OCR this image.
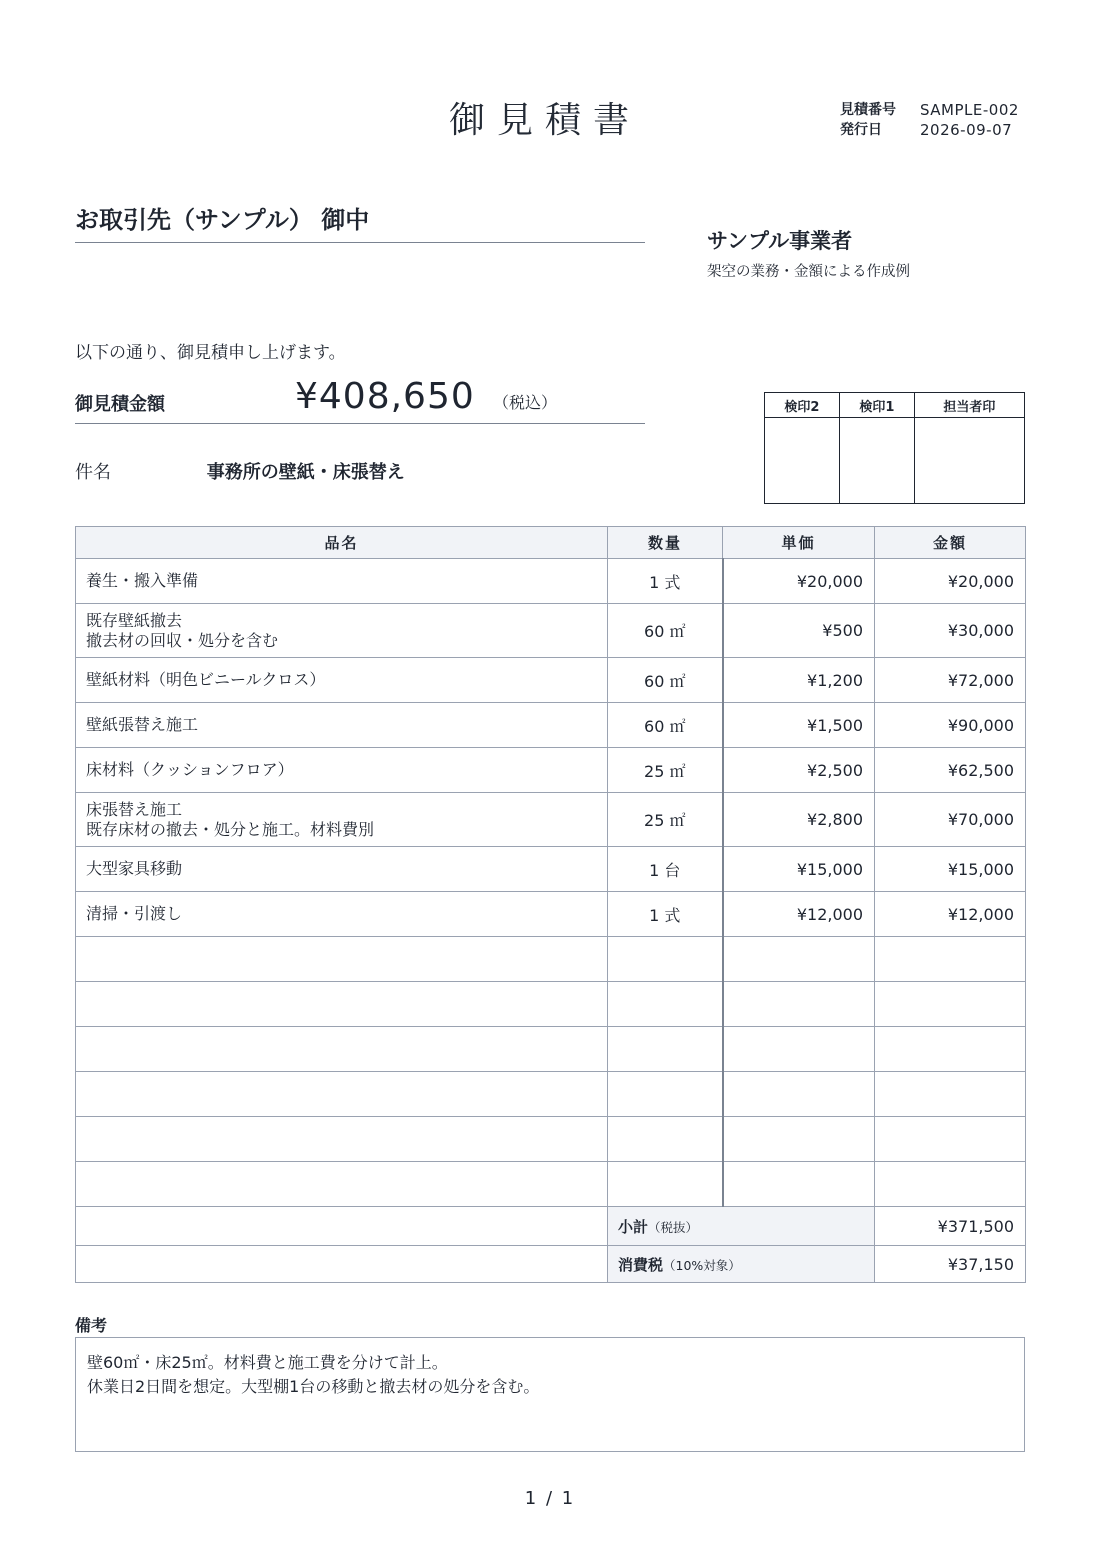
御見積書	見積番号	SAMPLE-002
発行日	2026-09-07
お取引先（サンプル） 御中
サンプル事業者
架空の業務・金額による作成例
以下の通り、御見積申し上げます。
御見積金額	¥408,650 （税込）
件名	事務所の壁紙・床張替え
検印2	検印1	担当者印

品名	数量	単価	金額

養生・搬入準備	1 式	¥20,000	¥20,000

既存壁紙撤去
撤去材の回収・処分を含む	60 ㎡	¥500	¥30,000

壁紙材料（明色ビニールクロス）	60 ㎡	¥1,200	¥72,000

壁紙張替え施工	60 ㎡	¥1,500	¥90,000

床材料（クッションフロア）	25 ㎡	¥2,500	¥62,500

床張替え施工
既存床材の撤去・処分と施工。材料費別	25 ㎡	¥2,800	¥70,000

大型家具移動	1 台	¥15,000	¥15,000

清掃・引渡し	1 式	¥12,000	¥12,000

	小計（税抜）		¥371,500
	消費税（10%対象）		¥37,150
備考
壁60㎡・床25㎡。材料費と施工費を分けて計上。
休業日2日間を想定。大型棚1台の移動と撤去材の処分を含む。
1 / 1
